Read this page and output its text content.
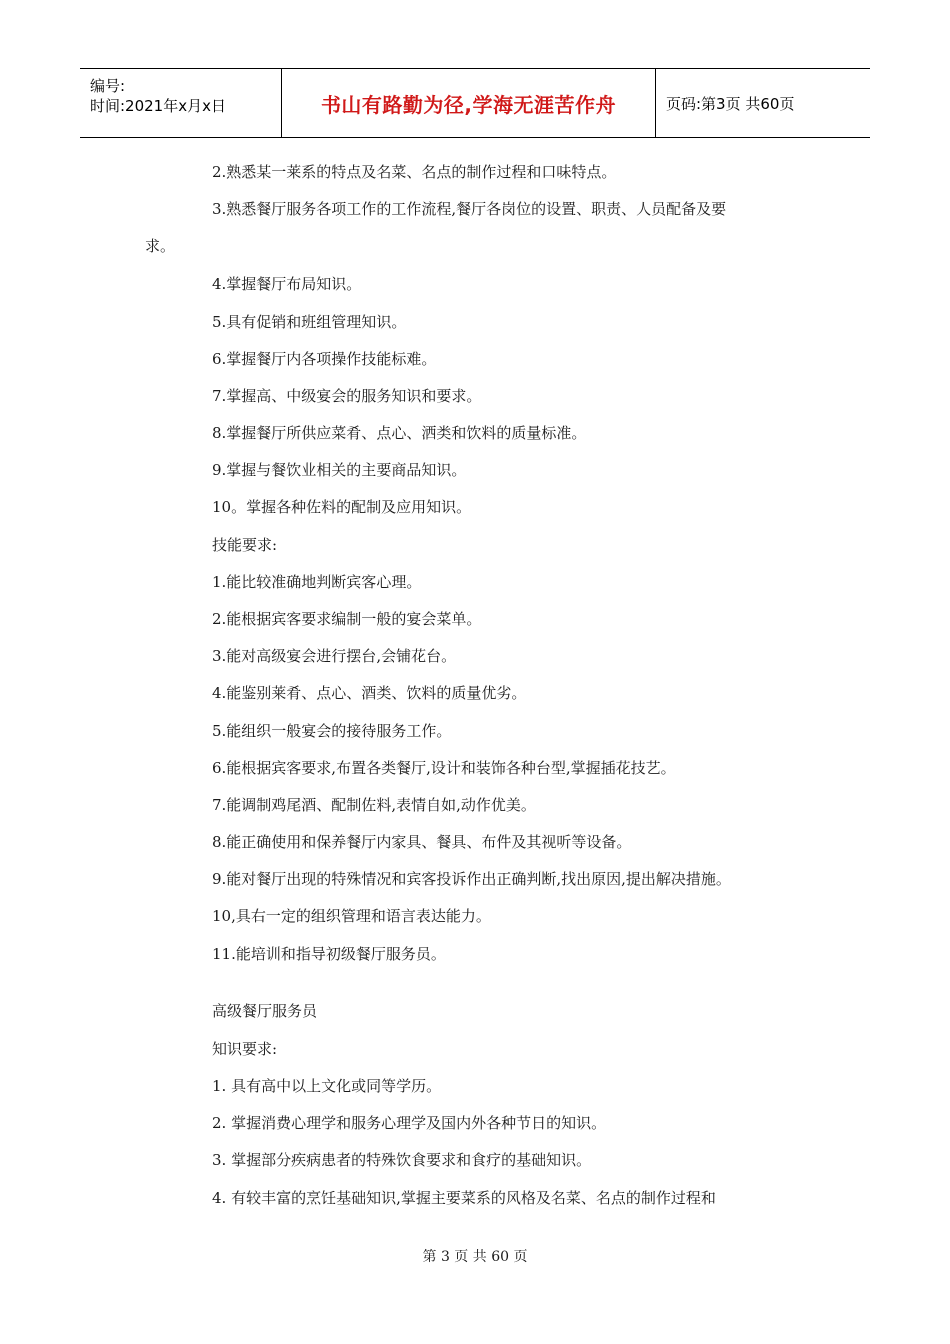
编号:
时间:2021年x月x日	书山有路勤为径,学海无涯苦作舟	页码:第3页 共60页
2.熟悉某一莱系的特点及名菜、名点的制作过程和口味特点。
3.熟悉餐厅服务各项工作的工作流程,餐厅各岗位的设置、职责、人员配备及要
求。
4.掌握餐厅布局知识。
5.具有促销和班组管理知识。
6.掌握餐厅内各项操作技能标难。
7.掌握高、中级宴会的服务知识和要求。
8.掌握餐厅所供应菜肴、点心、洒类和饮料的质量标准。
9.掌握与餐饮业相关的主要商品知识。
10。掌握各种佐料的配制及应用知识。
技能要求:
1.能比较准确地判断宾客心理。
2.能根据宾客要求编制一般的宴会菜单。
3.能对高级宴会进行摆台,会铺花台。
4.能鉴别莱肴、点心、酒类、饮料的质量优劣。
5.能组织一般宴会的接待服务工作。
6.能根据宾客要求,布置各类餐厅,设计和装饰各种台型,掌握插花技艺。
7.能调制鸡尾酒、配制佐料,表情自如,动作优美。
8.能正确使用和保养餐厅内家具、餐具、布件及其视听等设备。
9.能对餐厅出现的特殊情况和宾客投诉作出正确判断,找出原因,提出解决措施。
10,具右一定的组织管理和语言表达能力。
11.能培训和指导初级餐厅服务员。
高级餐厅服务员
知识要求:
1. 具有高中以上文化或同等学历。
2. 掌握消费心理学和服务心理学及国内外各种节日的知识。
3. 掌握部分疾病患者的特殊饮食要求和食疗的基础知识。
4. 有较丰富的烹饪基础知识,掌握主要菜系的风格及名菜、名点的制作过程和
第 3 页 共 60 页
